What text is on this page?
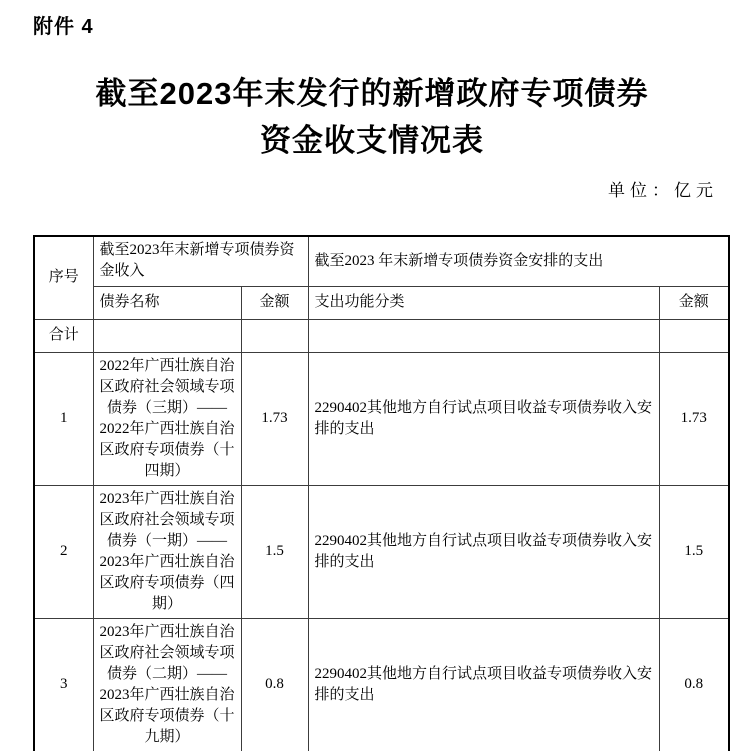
附件 4
截至2023年末发行的新增政府专项债券
资金收支情况表
单位：亿元
序号	截至2023年末新增专项债券资金收入		截至2023 年末新增专项债券资金安排的支出	
	债券名称	金额	支出功能分类	金额
合计				
1	2022年广西壮族自治区政府社会领域专项债券（三期）——2022年广西壮族自治区政府专项债券（十四期）	1.73	2290402其他地方自行试点项目收益专项债券收入安排的支出	1.73
2	2023年广西壮族自治区政府社会领域专项债券（一期）——2023年广西壮族自治区政府专项债券（四期）	1.5	2290402其他地方自行试点项目收益专项债券收入安排的支出	1.5
3	2023年广西壮族自治区政府社会领域专项债券（二期）——2023年广西壮族自治区政府专项债券（十九期）	0.8	2290402其他地方自行试点项目收益专项债券收入安排的支出	0.8
